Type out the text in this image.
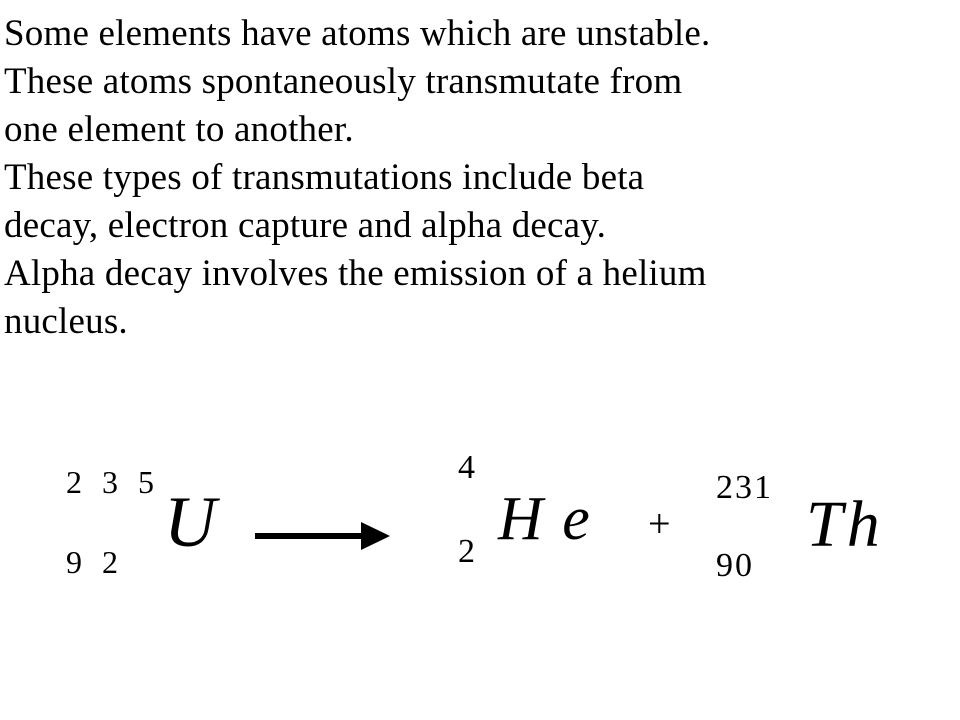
Some elements have atoms which are unstable.

These atoms spontaneously transmutate from

one element to another.

These types of transmutations include beta

decay, electron capture and alpha decay.

Alpha decay involves the emission of a helium

nucleus.

2 3 5
9 2 U
4
2 H e +
231
90
Th
